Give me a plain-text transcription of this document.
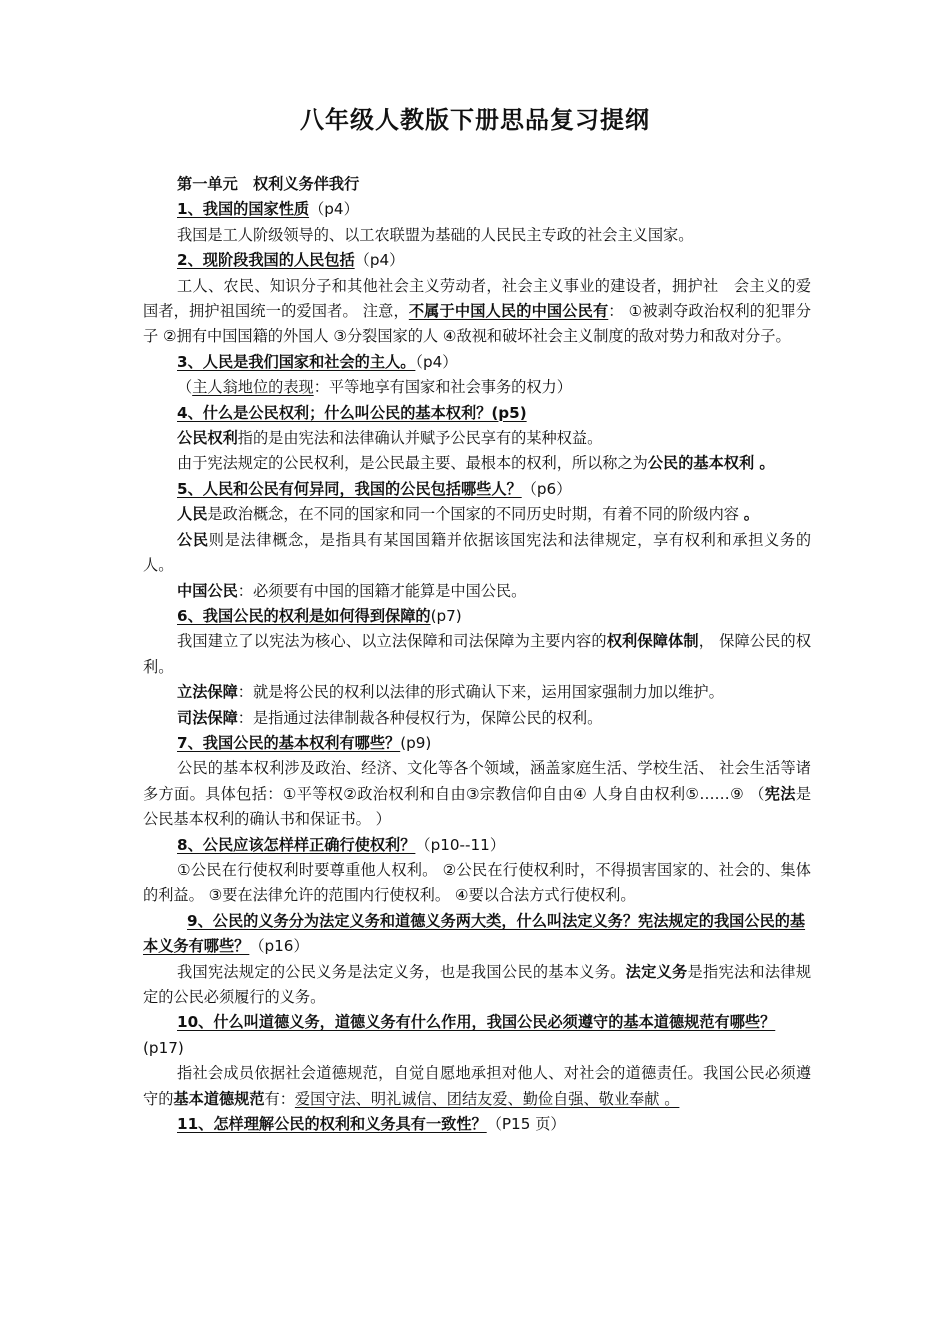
八年级人教版下册思品复习提纲

第一单元　权利义务伴我行

1、我国的国家性质（p4）

我国是工人阶级领导的、以工农联盟为基础的人民民主专政的社会主义国家。

2、现阶段我国的人民包括（p4）

工人、农民、知识分子和其他社会主义劳动者，社会主义事业的建设者，拥护社　会主义的爱国者，拥护祖国统一的爱国者。 注意，不属于中国人民的中国公民有： ①被剥夺政治权利的犯罪分子 ②拥有中国国籍的外国人 ③分裂国家的人 ④敌视和破坏社会主义制度的敌对势力和敌对分子。

3、人民是我们国家和社会的主人。（p4）

（主人翁地位的表现：平等地享有国家和社会事务的权力）

4、什么是公民权利；什么叫公民的基本权利？(p5)

公民权利指的是由宪法和法律确认并赋予公民享有的某种权益。

由于宪法规定的公民权利，是公民最主要、最根本的权利，所以称之为公民的基本权利 。

5、人民和公民有何异同，我国的公民包括哪些人？（p6）

人民是政治概念，在不同的国家和同一个国家的不同历史时期，有着不同的阶级内容 。

公民则是法律概念，是指具有某国国籍并依据该国宪法和法律规定，享有权利和承担义务的人。

中国公民：必须要有中国的国籍才能算是中国公民。

6、我国公民的权利是如何得到保障的(p7)

我国建立了以宪法为核心、以立法保障和司法保障为主要内容的权利保障体制， 保障公民的权利。

立法保障：就是将公民的权利以法律的形式确认下来，运用国家强制力加以维护。

司法保障：是指通过法律制裁各种侵权行为，保障公民的权利。

7、我国公民的基本权利有哪些？(p9)

公民的基本权利涉及政治、经济、文化等各个领域，涵盖家庭生活、学校生活、 社会生活等诸多方面。具体包括：①平等权②政治权利和自由③宗教信仰自由④ 人身自由权利⑤……⑨ （宪法是公民基本权利的确认书和保证书。 ）

8、公民应该怎样样正确行使权利？（p10--11）

①公民在行使权利时要尊重他人权利。 ②公民在行使权利时，不得损害国家的、社会的、集体的利益。 ③要在法律允许的范围内行使权利。 ④要以合法方式行使权利。

9、公民的义务分为法定义务和道德义务两大类，什么叫法定义务？宪法规定的我国公民的基本义务有哪些？（p16）

我国宪法规定的公民义务是法定义务，也是我国公民的基本义务。法定义务是指宪法和法律规定的公民必须履行的义务。

10、什么叫道德义务，道德义务有什么作用，我国公民必须遵守的基本道德规范有哪些？(p17)

指社会成员依据社会道德规范，自觉自愿地承担对他人、对社会的道德责任。我国公民必须遵守的基本道德规范有：爱国守法、明礼诚信、团结友爱、勤俭自强、敬业奉献 。

11、怎样理解公民的权利和义务具有一致性？（P15 页）
